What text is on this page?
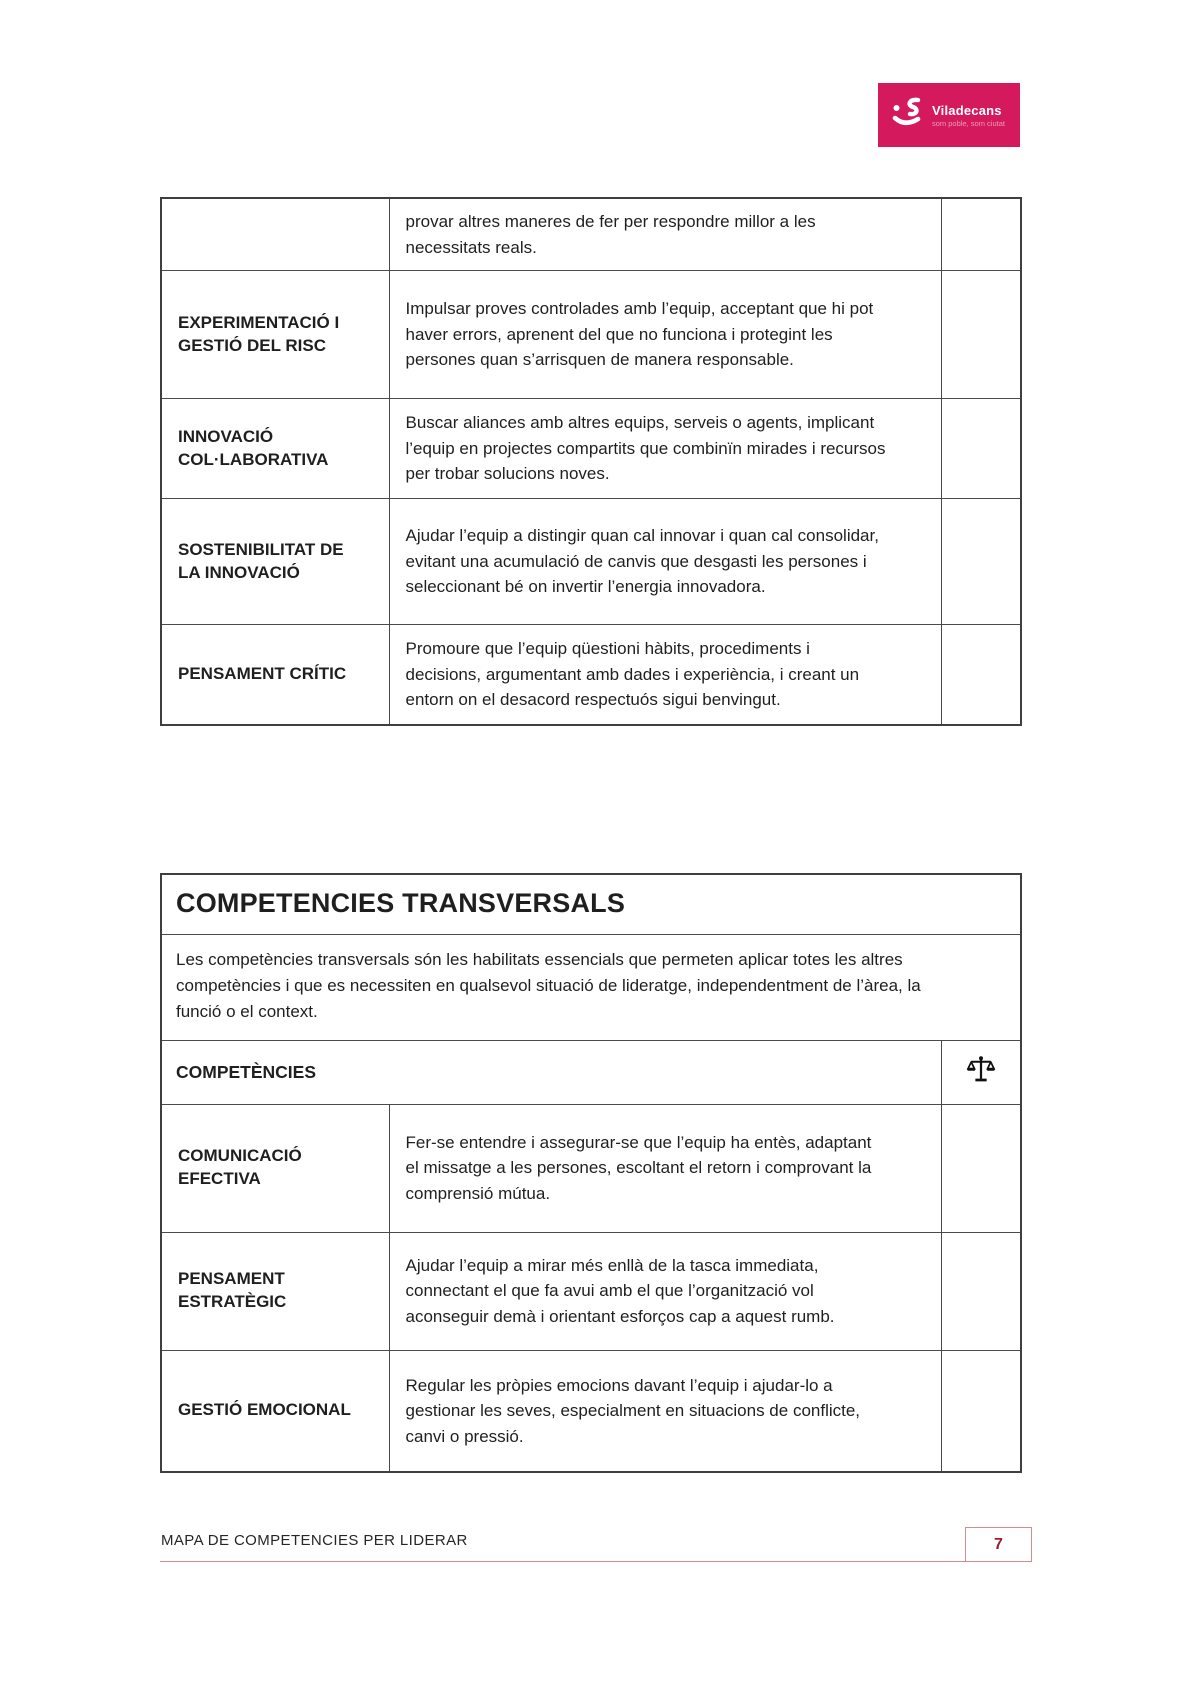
Viladecans
som poble, som ciutat
	provar altres maneres de fer per respondre millor a les necessitats reals.	
EXPERIMENTACIÓ I GESTIÓ DEL RISC	Impulsar proves controlades amb l’equip, acceptant que hi pot haver errors, aprenent del que no funciona i protegint les persones quan s’arrisquen de manera responsable.	
INNOVACIÓ COL·LABORATIVA	Buscar aliances amb altres equips, serveis o agents, implicant l’equip en projectes compartits que combinïn mirades i recursos per trobar solucions noves.	
SOSTENIBILITAT DE LA INNOVACIÓ	Ajudar l’equip a distingir quan cal innovar i quan cal consolidar, evitant una acumulació de canvis que desgasti les persones i seleccionant bé on invertir l’energia innovadora.	
PENSAMENT CRÍTIC	Promoure que l’equip qüestioni hàbits, procediments i decisions, argumentant amb dades i experiència, i creant un entorn on el desacord respectuós sigui benvingut.	
COMPETENCIES TRANSVERSALS		
Les competències transversals són les habilitats essencials que permeten aplicar totes les altres competències i que es necessiten en qualsevol situació de lideratge, independentment de l’àrea, la funció o el context.		
COMPETÈNCIES	
COMUNICACIÓ EFECTIVA	Fer-se entendre i assegurar-se que l’equip ha entès, adaptant el missatge a les persones, escoltant el retorn i comprovant la comprensió mútua.	
PENSAMENT ESTRATÈGIC	Ajudar l’equip a mirar més enllà de la tasca immediata, connectant el que fa avui amb el que l’organització vol aconseguir demà i orientant esforços cap a aquest rumb.	
GESTIÓ EMOCIONAL	Regular les pròpies emocions davant l’equip i ajudar-lo a gestionar les seves, especialment en situacions de conflicte, canvi o pressió.	
MAPA DE COMPETENCIES PER LIDERAR	7
